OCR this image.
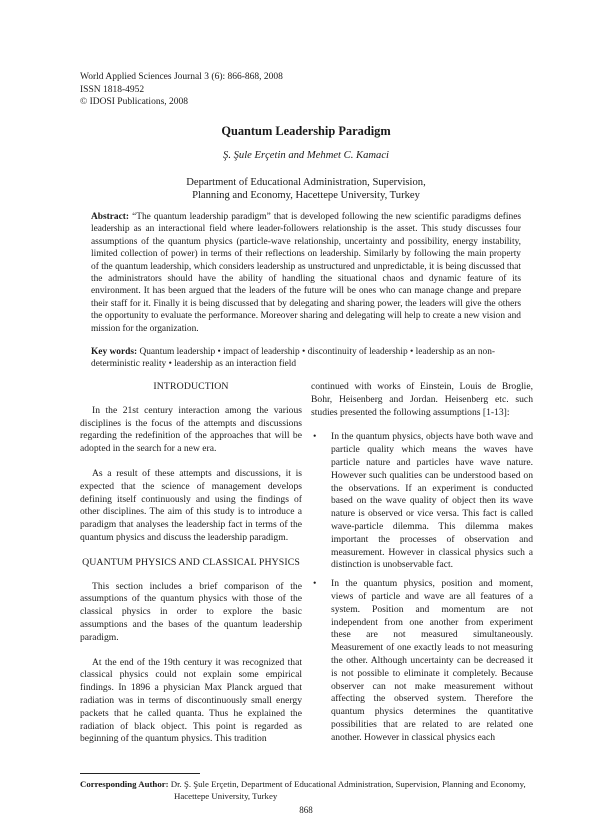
World Applied Sciences Journal 3 (6): 866-868, 2008
ISSN 1818-4952
© IDOSI Publications, 2008
Quantum Leadership Paradigm
Ş. Şule Erçetin and Mehmet C. Kamaci
Department of Educational Administration, Supervision,
Planning and Economy, Hacettepe University, Turkey
Abstract: “The quantum leadership paradigm” that is developed following the new scientific paradigms defines leadership as an interactional field where leader-followers relationship is the asset. This study discusses four assumptions of the quantum physics (particle-wave relationship, uncertainty and possibility, energy instability, limited collection of power) in terms of their reflections on leadership. Similarly by following the main property of the quantum leadership, which considers leadership as unstructured and unpredictable, it is being discussed that the administrators should have the ability of handling the situational chaos and dynamic feature of its environment. It has been argued that the leaders of the future will be ones who can manage change and prepare their staff for it. Finally it is being discussed that by delegating and sharing power, the leaders will give the others the opportunity to evaluate the performance. Moreover sharing and delegating will help to create a new vision and mission for the organization.
Key words: Quantum leadership • impact of leadership • discontinuity of leadership • leadership as an non-deterministic reality • leadership as an interaction field
INTRODUCTION

In the 21st century interaction among the various disciplines is the focus of the attempts and discussions regarding the redefinition of the approaches that will be adopted in the search for a new era.

As a result of these attempts and discussions, it is expected that the science of management develops defining itself continuously and using the findings of other disciplines. The aim of this study is to introduce a paradigm that analyses the leadership fact in terms of the quantum physics and discuss the leadership paradigm.

QUANTUM PHYSICS AND CLASSICAL PHYSICS

This section includes a brief comparison of the assumptions of the quantum physics with those of the classical physics in order to explore the basic assumptions and the bases of the quantum leadership paradigm.

At the end of the 19th century it was recognized that classical physics could not explain some empirical findings. In 1896 a physician Max Planck argued that radiation was in terms of discontinuously small energy packets that he called quanta. Thus he explained the radiation of black object. This point is regarded as beginning of the quantum physics. This tradition

continued with works of Einstein, Louis de Broglie, Bohr, Heisenberg and Jordan. Heisenberg etc. such studies presented the following assumptions [1-13]:

• In the quantum physics, objects have both wave and particle quality which means the waves have particle nature and particles have wave nature. However such qualities can be understood based on the observations. If an experiment is conducted based on the wave quality of object then its wave nature is observed or vice versa. This fact is called wave-particle dilemma. This dilemma makes important the processes of observation and measurement. However in classical physics such a distinction is unobservable fact.
• In the quantum physics, position and moment, views of particle and wave are all features of a system. Position and momentum are not independent from one another from experiment these are not measured simultaneously. Measurement of one exactly leads to not measuring the other. Although uncertainty can be decreased it is not possible to eliminate it completely. Because observer can not make measurement without affecting the observed system. Therefore the quantum physics determines the quantitative possibilities that are related to are related one another. However in classical physics each
Corresponding Author: Dr. Ş. Şule Erçetin, Department of Educational Administration, Supervision, Planning and Economy,
Hacettepe University, Turkey
868
